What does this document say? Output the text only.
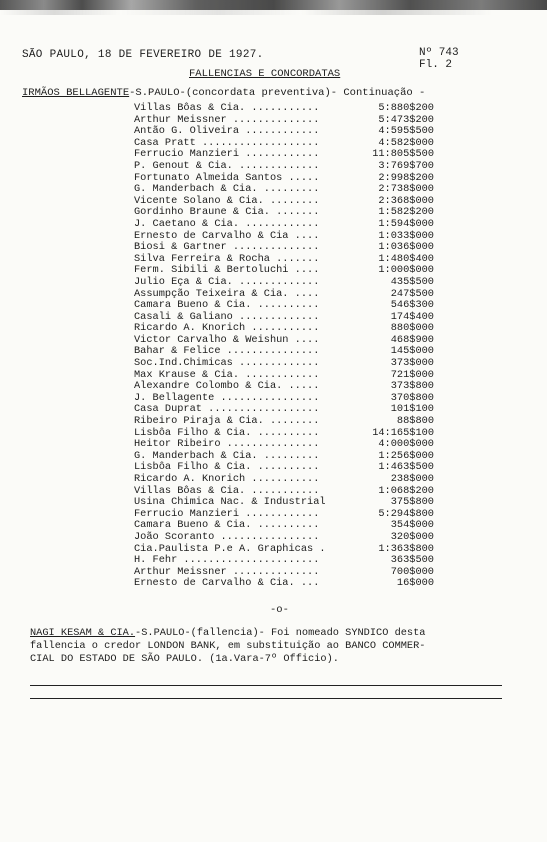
SÃO PAULO, 18 DE FEVEREIRO DE 1927.	Nº 743
Fl. 2
FALLENCIAS E CONCORDATAS
IRMÃOS BELLAGENTE-S.PAULO-(concordata preventiva)- Continuação -
Villas Bôas & Cia. ...........	5:880$200
Arthur Meissner ..............	5:473$200
Antão G. Oliveira ............	4:595$500
Casa Pratt ...................	4:582$000
Ferrucio Manzieri ............	11:805$500
P. Genout & Cia. .............	3:769$700
Fortunato Almeida Santos .....	2:998$200
G. Manderbach & Cia. .........	2:738$000
Vicente Solano & Cia. ........	2:368$000
Gordinho Braune & Cia. .......	1:582$200
J. Caetano & Cia. ............	1:594$000
Ernesto de Carvalho & Cia ....	1:033$000
Biosi & Gartner ..............	1:036$000
Silva Ferreira & Rocha .......	1:480$400
Ferm. Sibili & Bertoluchi ....	1:000$000
Julio Eça & Cia. .............	435$500
Assumpção Teixeira & Cia. ....	247$500
Camara Bueno & Cia. ..........	546$300
Casali & Galiano .............	174$400
Ricardo A. Knorich ...........	880$000
Victor Carvalho & Weishun ....	468$900
Bahar & Felice ...............	145$000
Soc.Ind.Chimicas .............	373$000
Max Krause & Cia. ............	721$000
Alexandre Colombo & Cia. .....	373$800
J. Bellagente ................	370$800
Casa Duprat ..................	101$100
Ribeiro Piraja & Cia. ........	88$800
Lisbôa Filho & Cia. ..........	14:165$100
Heitor Ribeiro ...............	4:000$000
G. Manderbach & Cia. .........	1:256$000
Lisbôa Filho & Cia. ..........	1:463$500
Ricardo A. Knorich ...........	238$000
Villas Bôas & Cia. ...........	1:068$200
Usina Chimica Nac. & Industrial	375$800
Ferrucio Manzieri ............	5:294$800
Camara Bueno & Cia. ..........	354$000
João Scoranto ................	320$000
Cia.Paulista P.e A. Graphicas .	1:363$800
H. Fehr ......................	363$500
Arthur Meissner ..............	700$000
Ernesto de Carvalho & Cia. ...	16$000
-o-
NAGI KESAM & CIA.-S.PAULO-(fallencia)- Foi nomeado SYNDICO desta
fallencia o credor LONDON BANK, em substituição ao BANCO COMMER-
CIAL DO ESTADO DE SÃO PAULO. (1a.Vara-7º Officio).
